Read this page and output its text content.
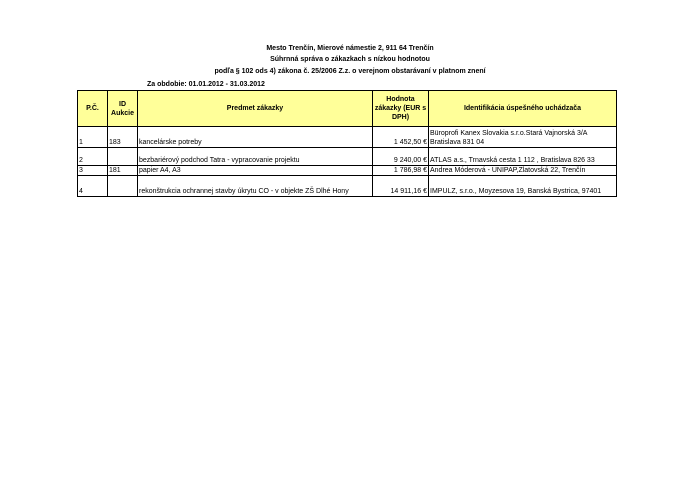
Mesto Trenčín, Mierové námestie 2, 911 64 Trenčín
Súhrnná správa o zákazkach s nízkou hodnotou
podľa § 102 ods 4) zákona č. 25/2006 Z.z. o verejnom obstarávaní v platnom znení
Za obdobie: 01.01.2012 - 31.03.2012
P.Č.	ID Aukcie	Predmet zákazky	Hodnota zákazky (EUR s DPH)	Identifikácia úspešného uchádzača
1	183	kancelárske potreby	1 452,50 €	Büroprofi Kanex Slovakia s.r.o.Stará Vajnorská 3/A Bratislava 831 04
2		bezbariérový podchod Tatra - vypracovanie projektu	9 240,00 €	ATLAS a.s., Trnavská cesta 1 112 , Bratislava 826 33
3	181	papier A4, A3	1 786,98 €	Andrea Móderová - UNIPAP,Zlatovská 22, Trenčín
4		rekonštrukcia ochrannej stavby úkrytu CO - v objekte ZŠ Dlhé Hony	14 911,16 €	IMPULZ, s.r.o., Moyzesova 19, Banská Bystrica, 97401
